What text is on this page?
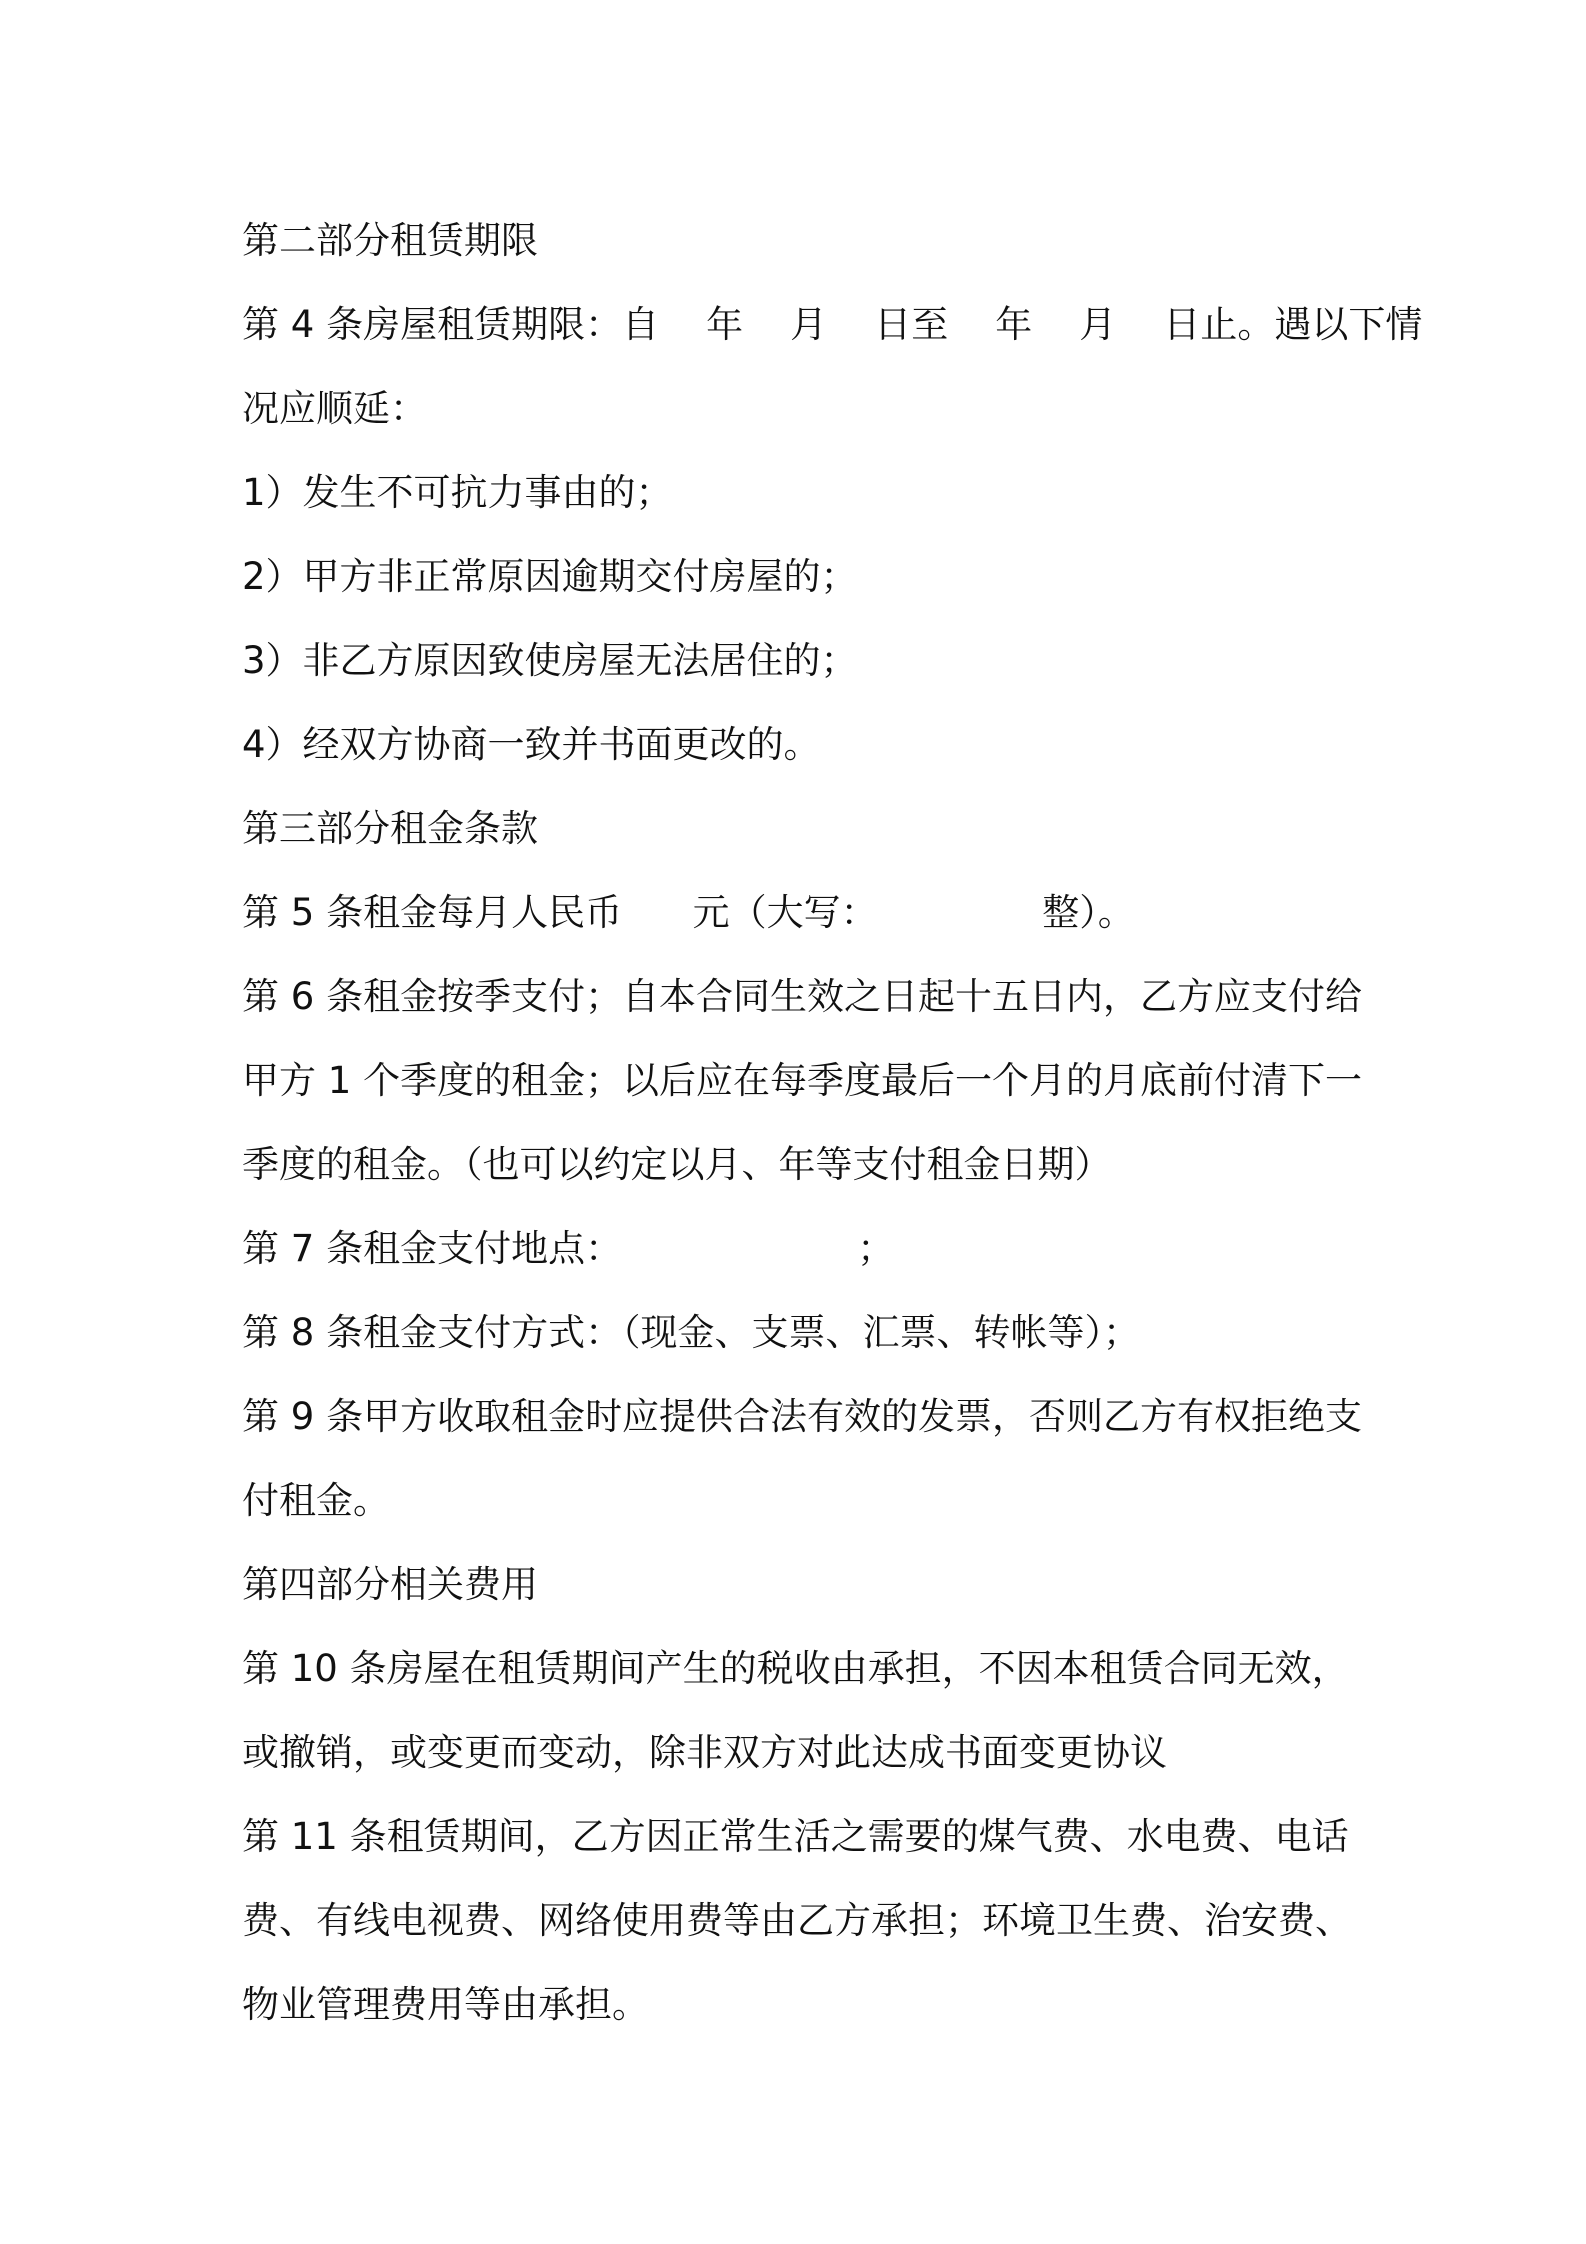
第二部分租赁期限
第 4 条房屋租赁期限：自    年    月    日至    年    月    日止。遇以下情
况应顺延：
1）发生不可抗力事由的；
2）甲方非正常原因逾期交付房屋的；
3）非乙方原因致使房屋无法居住的；
4）经双方协商一致并书面更改的。
第三部分租金条款
第 5 条租金每月人民币      元（大写：              整）。
第 6 条租金按季支付；自本合同生效之日起十五日内，乙方应支付给
甲方 1 个季度的租金；以后应在每季度最后一个月的月底前付清下一
季度的租金。（也可以约定以月、年等支付租金日期）
第 7 条租金支付地点：                    ；
第 8 条租金支付方式：（现金、支票、汇票、转帐等）；
第 9 条甲方收取租金时应提供合法有效的发票，否则乙方有权拒绝支
付租金。
第四部分相关费用
第 10 条房屋在租赁期间产生的税收由承担，不因本租赁合同无效，
或撤销，或变更而变动，除非双方对此达成书面变更协议
第 11 条租赁期间，乙方因正常生活之需要的煤气费、水电费、电话
费、有线电视费、网络使用费等由乙方承担；环境卫生费、治安费、
物业管理费用等由承担。
